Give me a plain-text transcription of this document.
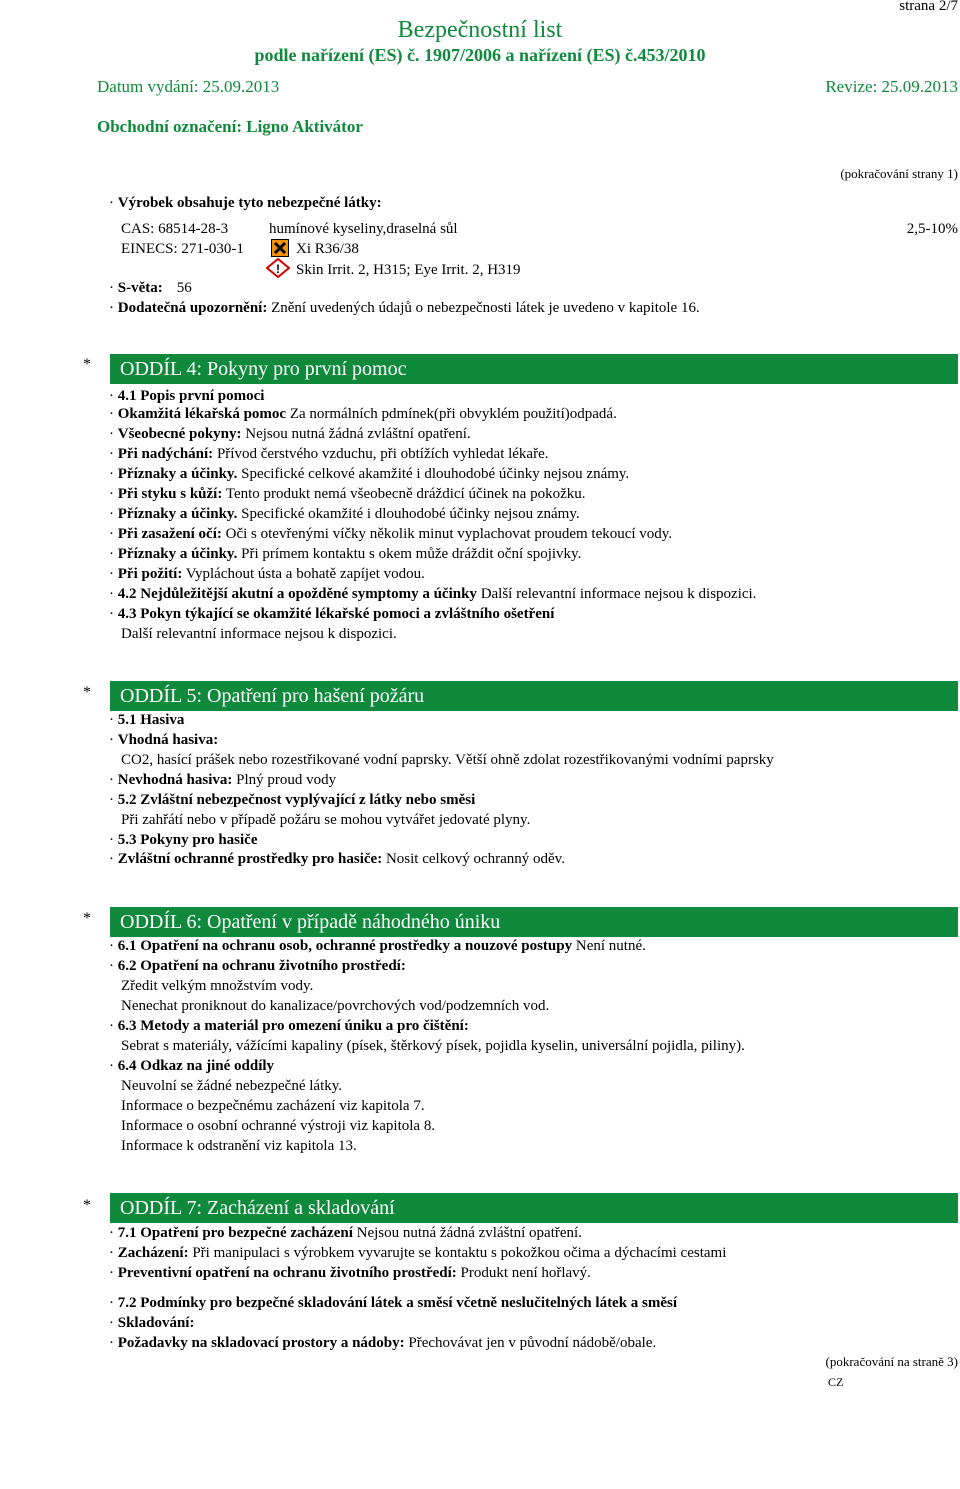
strana 2/7
Bezpečnostní list
podle nařízení (ES) č. 1907/2006 a nařízení (ES) č.453/2010
Datum vydání: 25.09.2013	Revize: 25.09.2013
Obchodní označení: Ligno Aktivátor
(pokračování strany 1)
· Výrobek obsahuje tyto nebezpečné látky:
CAS: 68514-28-3	humínové kyseliny,draselná sůl	2,5-10%
EINECS: 271-030-1	Xi R36/38
! Skin Irrit. 2, H315; Eye Irrit. 2, H319
· S-věta: 56
· Dodatečná upozornění: Znění uvedených údajů o nebezpečnosti látek je uvedeno v kapitole 16.
* ODDÍL 4: Pokyny pro první pomoc
· 4.1 Popis první pomoci
· Okamžitá lékařská pomoc Za normálních pdmínek(při obvyklém použití)odpadá.
· Všeobecné pokyny: Nejsou nutná žádná zvláštní opatření.
· Při nadýchání: Přívod čerstvého vzduchu, při obtížích vyhledat lékaře.
· Příznaky a účinky. Specifické celkové akamžité i dlouhodobé účinky nejsou známy.
· Při styku s kůží: Tento produkt nemá všeobecně dráždicí účinek na pokožku.
· Příznaky a účinky. Specifické okamžité i dlouhodobé účinky nejsou známy.
· Při zasažení očí: Oči s otevřenými víčky několik minut vyplachovat proudem tekoucí vody.
· Příznaky a účinky. Při prímem kontaktu s okem může dráždit oční spojivky.
· Při požití: Vypláchout ústa a bohatě zapíjet vodou.
· 4.2 Nejdůležitější akutní a opožděné symptomy a účinky Další relevantní informace nejsou k dispozici.
· 4.3 Pokyn týkající se okamžité lékařské pomoci a zvláštního ošetření
Další relevantní informace nejsou k dispozici.
* ODDÍL 5: Opatření pro hašení požáru
· 5.1 Hasiva
· Vhodná hasiva:
CO2, hasící prášek nebo rozestřikované vodní paprsky. Větší ohně zdolat rozestřikovanými vodními paprsky
· Nevhodná hasiva: Plný proud vody
· 5.2 Zvláštní nebezpečnost vyplývající z látky nebo směsi
Při zahřátí nebo v případě požáru se mohou vytvářet jedovaté plyny.
· 5.3 Pokyny pro hasiče
· Zvláštní ochranné prostředky pro hasiče: Nosit celkový ochranný oděv.
* ODDÍL 6: Opatření v případě náhodného úniku
· 6.1 Opatření na ochranu osob, ochranné prostředky a nouzové postupy Není nutné.
· 6.2 Opatření na ochranu životního prostředí:
Zředit velkým množstvím vody.
Nenechat proniknout do kanalizace/povrchových vod/podzemních vod.
· 6.3 Metody a materiál pro omezení úniku a pro čištění:
Sebrat s materiály, vážícími kapaliny (písek, štěrkový písek, pojidla kyselin, universální pojidla, piliny).
· 6.4 Odkaz na jiné oddíly
Neuvolní se žádné nebezpečné látky.
Informace o bezpečnému zacházení viz kapitola 7.
Informace o osobní ochranné výstroji viz kapitola 8.
Informace k odstranění viz kapitola 13.
* ODDÍL 7: Zacházení a skladování
· 7.1 Opatření pro bezpečné zacházení Nejsou nutná žádná zvláštní opatření.
· Zacházení: Při manipulaci s výrobkem vyvarujte se kontaktu s pokožkou očima a dýchacími cestami
· Preventivní opatření na ochranu životního prostředí: Produkt není hořlavý.
· 7.2 Podmínky pro bezpečné skladování látek a směsí včetně neslučitelných látek a směsí
· Skladování:
· Požadavky na skladovací prostory a nádoby: Přechovávat jen v původní nádobě/obale.
(pokračování na straně 3)
CZ
